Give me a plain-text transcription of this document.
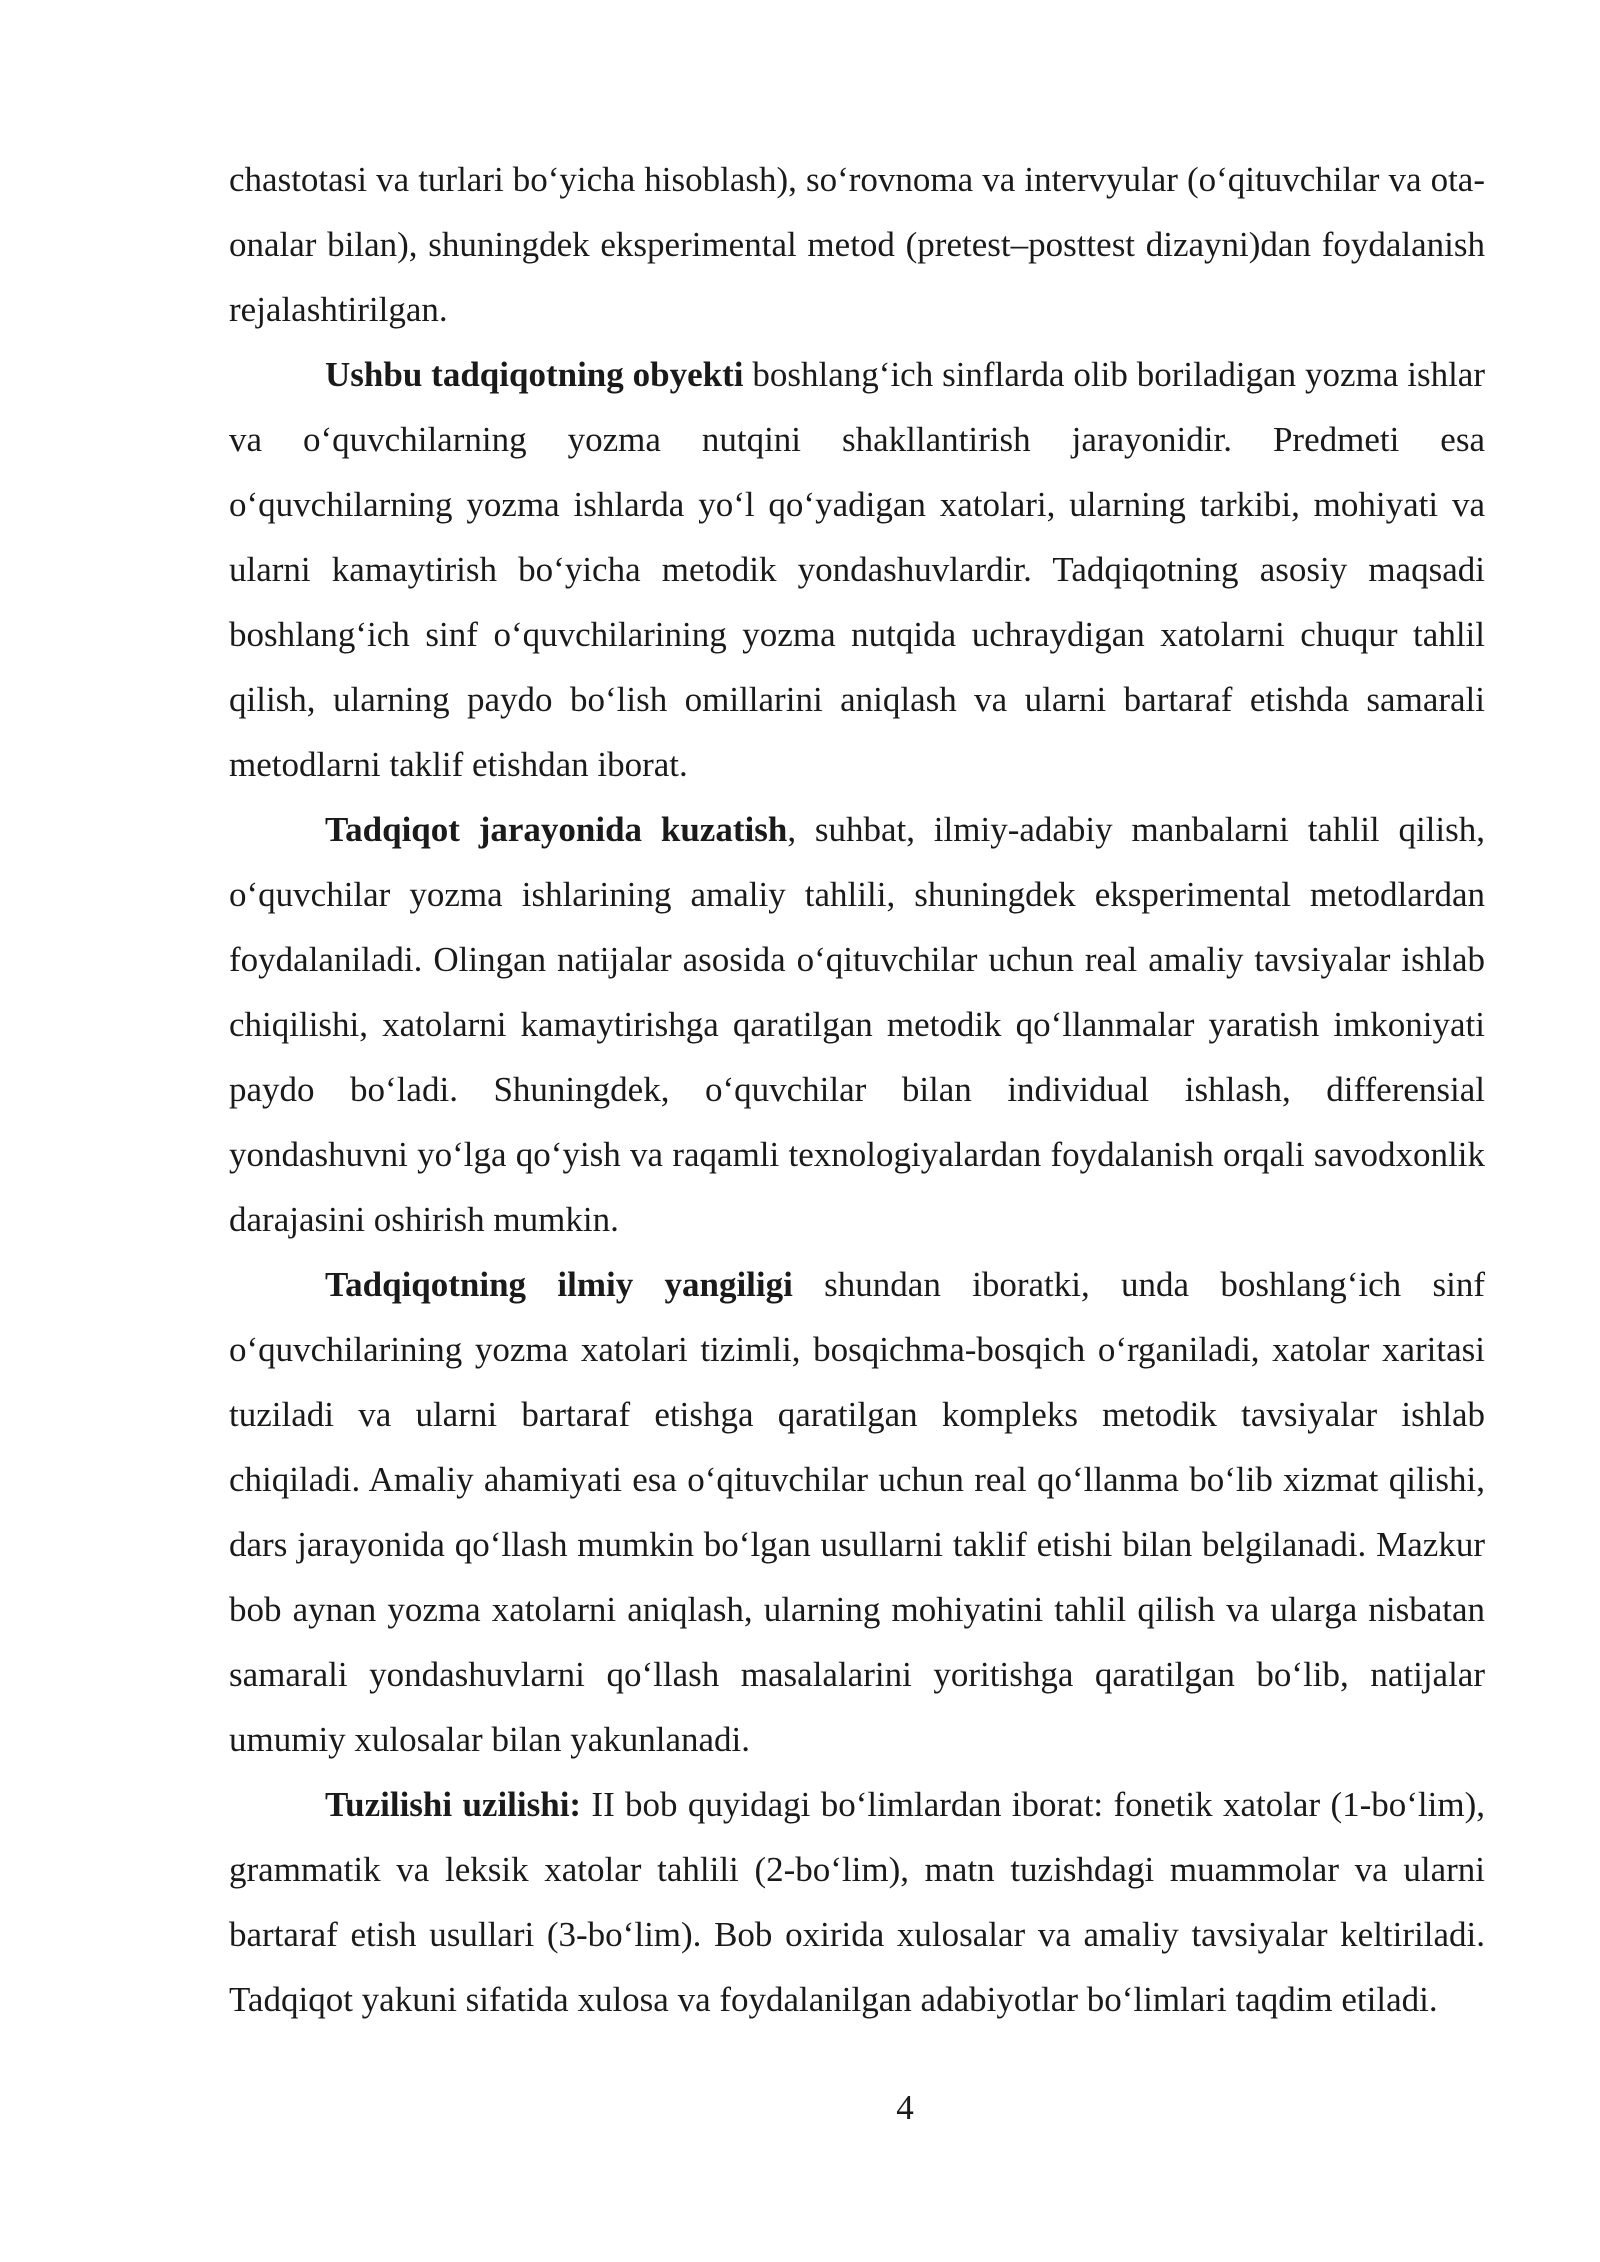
chastotasi va turlari bo‘yicha hisoblash), so‘rovnoma va intervyular (o‘qituvchilar va ota-onalar bilan), shuningdek eksperimental metod (pretest–posttest dizayni)dan foydalanish rejalashtirilgan.

Ushbu tadqiqotning obyekti boshlang‘ich sinflarda olib boriladigan yozma ishlar va o‘quvchilarning yozma nutqini shakllantirish jarayonidir. Predmeti esa o‘quvchilarning yozma ishlarda yo‘l qo‘yadigan xatolari, ularning tarkibi, mohiyati va ularni kamaytirish bo‘yicha metodik yondashuvlardir. Tadqiqotning asosiy maqsadi boshlang‘ich sinf o‘quvchilarining yozma nutqida uchraydigan xatolarni chuqur tahlil qilish, ularning paydo bo‘lish omillarini aniqlash va ularni bartaraf etishda samarali metodlarni taklif etishdan iborat.

Tadqiqot jarayonida kuzatish, suhbat, ilmiy-adabiy manbalarni tahlil qilish, o‘quvchilar yozma ishlarining amaliy tahlili, shuningdek eksperimental metodlardan foydalaniladi. Olingan natijalar asosida o‘qituvchilar uchun real amaliy tavsiyalar ishlab chiqilishi, xatolarni kamaytirishga qaratilgan metodik qo‘llanmalar yaratish imkoniyati paydo bo‘ladi. Shuningdek, o‘quvchilar bilan individual ishlash, differensial yondashuvni yo‘lga qo‘yish va raqamli texnologiyalardan foydalanish orqali savodxonlik darajasini oshirish mumkin.

Tadqiqotning ilmiy yangiligi shundan iboratki, unda boshlang‘ich sinf o‘quvchilarining yozma xatolari tizimli, bosqichma-bosqich o‘rganiladi, xatolar xaritasi tuziladi va ularni bartaraf etishga qaratilgan kompleks metodik tavsiyalar ishlab chiqiladi. Amaliy ahamiyati esa o‘qituvchilar uchun real qo‘llanma bo‘lib xizmat qilishi, dars jarayonida qo‘llash mumkin bo‘lgan usullarni taklif etishi bilan belgilanadi. Mazkur bob aynan yozma xatolarni aniqlash, ularning mohiyatini tahlil qilish va ularga nisbatan samarali yondashuvlarni qo‘llash masalalarini yoritishga qaratilgan bo‘lib, natijalar umumiy xulosalar bilan yakunlanadi.

Tuzilishi uzilishi: II bob quyidagi bo‘limlardan iborat: fonetik xatolar (1-bo‘lim), grammatik va leksik xatolar tahlili (2-bo‘lim), matn tuzishdagi muammolar va ularni bartaraf etish usullari (3-bo‘lim). Bob oxirida xulosalar va amaliy tavsiyalar keltiriladi. Tadqiqot yakuni sifatida xulosa va foydalanilgan adabiyotlar bo‘limlari taqdim etiladi.

4
